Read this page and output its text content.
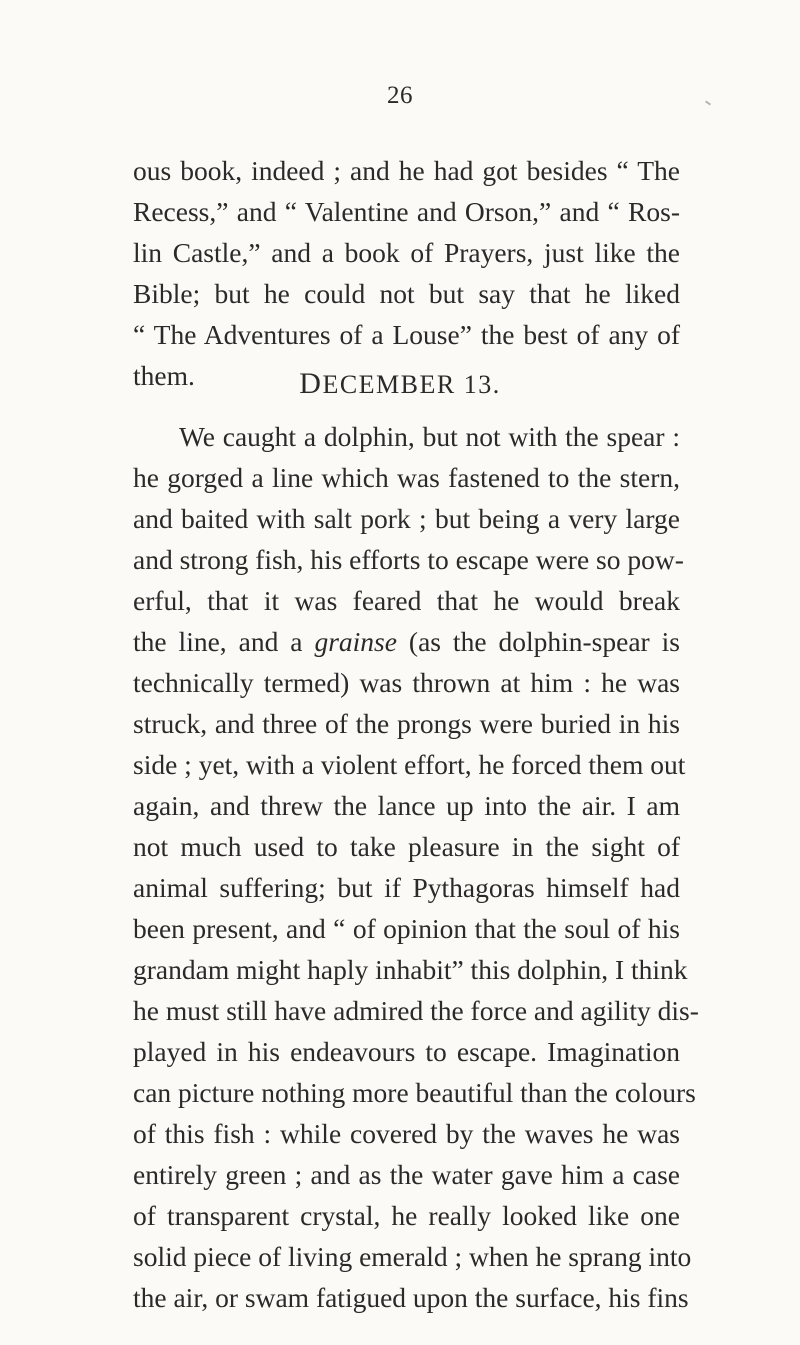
26
ous book, indeed ; and he had got besides “ The
Recess,” and “ Valentine and Orson,” and “ Ros-
lin Castle,” and a book of Prayers, just like the
Bible; but he could not but say that he liked
“ The Adventures of a Louse” the best of any of
them.	DECEMBER 13.
We caught a dolphin, but not with the spear :
he gorged a line which was fastened to the stern,
and baited with salt pork ; but being a very large
and strong fish, his efforts to escape were so pow-
erful, that it was feared that he would break
the line, and a grainse (as the dolphin-spear is
technically termed) was thrown at him : he was
struck, and three of the prongs were buried in his
side ; yet, with a violent effort, he forced them out
again, and threw the lance up into the air. I am
not much used to take pleasure in the sight of
animal suffering; but if Pythagoras himself had
been present, and “ of opinion that the soul of his
grandam might haply inhabit” this dolphin, I think
he must still have admired the force and agility dis-
played in his endeavours to escape. Imagination
can picture nothing more beautiful than the colours
of this fish : while covered by the waves he was
entirely green ; and as the water gave him a case
of transparent crystal, he really looked like one
solid piece of living emerald ; when he sprang into
the air, or swam fatigued upon the surface, his fins
